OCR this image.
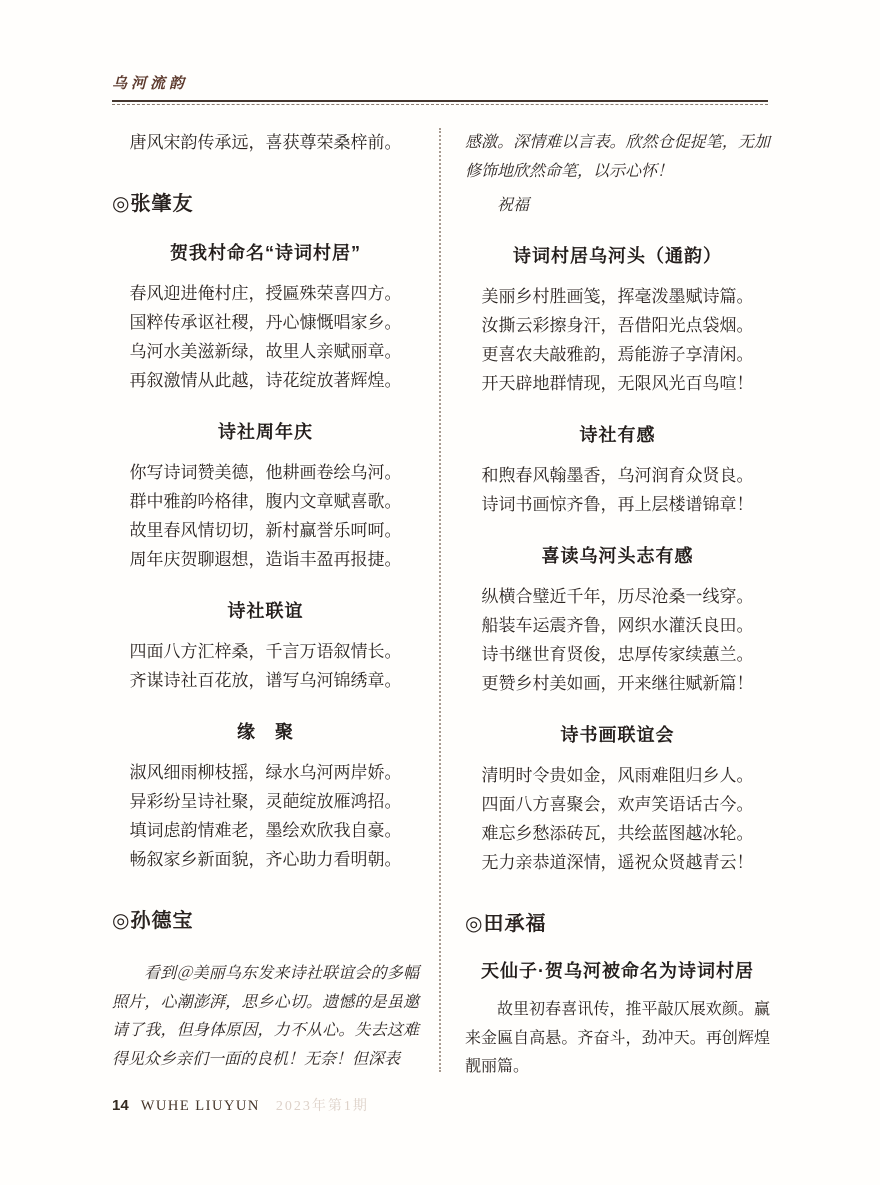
乌河流韵

唐风宋韵传承远，喜获尊荣桑梓前。

◎张肇友
贺我村命名“诗词村居”

春风迎进俺村庄，授匾殊荣喜四方。

国粹传承讴社稷，丹心慷慨唱家乡。

乌河水美滋新绿，故里人亲赋丽章。

再叙激情从此越，诗花绽放著辉煌。

诗社周年庆

你写诗词赞美德，他耕画卷绘乌河。

群中雅韵吟格律，腹内文章赋喜歌。

故里春风情切切，新村赢誉乐呵呵。

周年庆贺聊遐想，造诣丰盈再报捷。

诗社联谊

四面八方汇梓桑，千言万语叙情长。

齐谋诗社百花放，谱写乌河锦绣章。

缘　聚

淑风细雨柳枝摇，绿水乌河两岸娇。

异彩纷呈诗社聚，灵葩绽放雁鸿招。

填词虑韵情难老，墨绘欢欣我自豪。

畅叙家乡新面貌，齐心助力看明朝。

◎孙德宝

看到＠美丽乌东发来诗社联谊会的多幅照片，心潮澎湃，思乡心切。遗憾的是虽邀请了我，但身体原因，力不从心。失去这难得见众乡亲们一面的良机！无奈！但深表

感激。深情难以言表。欣然仓促捉笔，无加修饰地欣然命笔，以示心怀！

祝福

诗词村居乌河头（通韵）

美丽乡村胜画笺，挥毫泼墨赋诗篇。

汝撕云彩擦身汗，吾借阳光点袋烟。

更喜农夫敲雅韵，焉能游子享清闲。

开天辟地群情现，无限风光百鸟喧！

诗社有感

和煦春风翰墨香，乌河润育众贤良。

诗词书画惊齐鲁，再上层楼谱锦章！

喜读乌河头志有感

纵横合璧近千年，历尽沧桑一线穿。

船装车运震齐鲁，网织水灌沃良田。

诗书继世育贤俊，忠厚传家续蕙兰。

更赞乡村美如画，开来继往赋新篇！

诗书画联谊会

清明时令贵如金，风雨难阻归乡人。

四面八方喜聚会，欢声笑语话古今。

难忘乡愁添砖瓦，共绘蓝图越冰轮。

无力亲恭道深情，遥祝众贤越青云！

◎田承福
天仙子·贺乌河被命名为诗词村居

故里初春喜讯传，推平敲仄展欢颜。赢来金匾自高悬。齐奋斗，劲冲天。再创辉煌靓丽篇。

14 WUHE LIUYUN 2023年第1期
